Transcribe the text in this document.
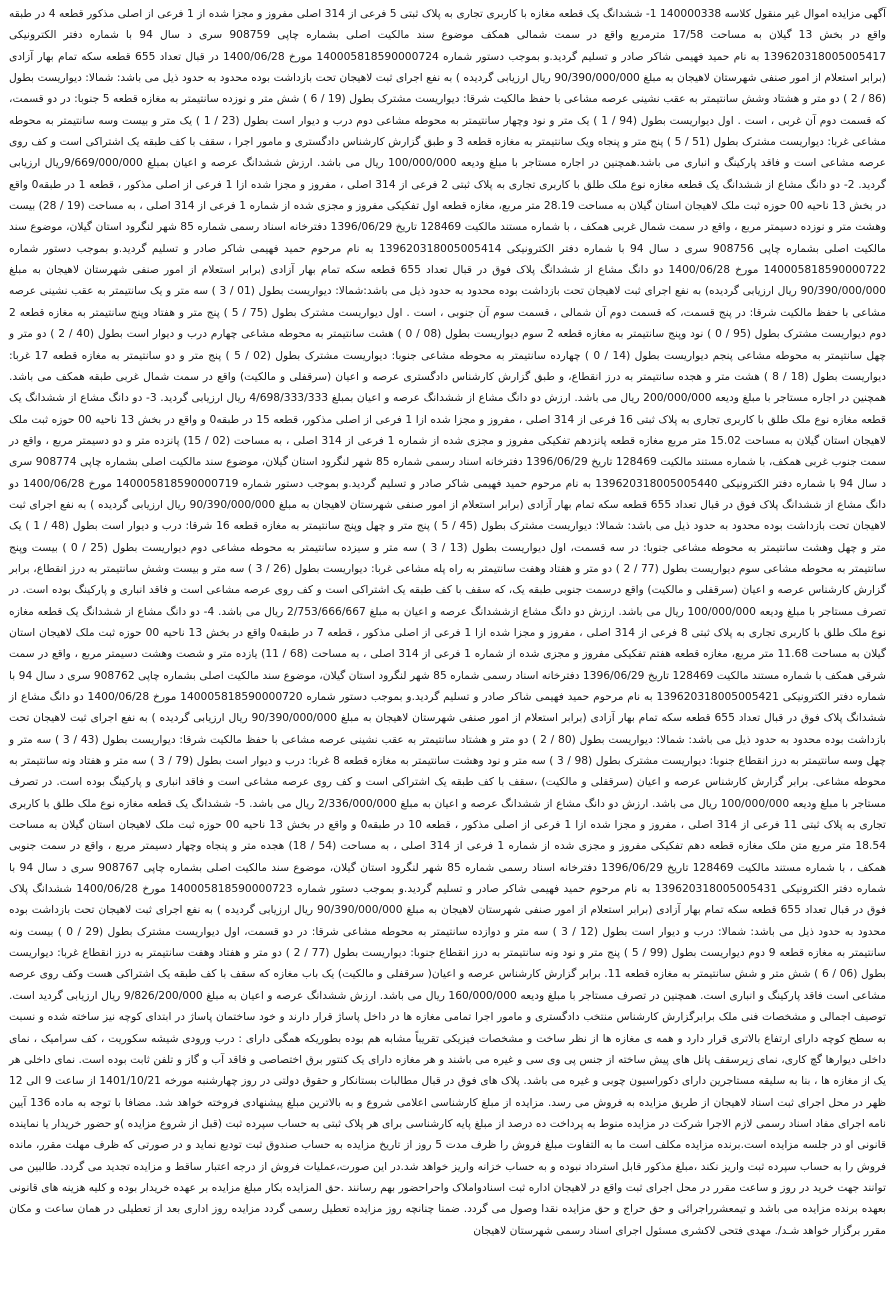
آگهی مزایده اموال غیر منقول کلاسه 140000338 1- ششدانگ یک قطعه مغازه با کاربری تجاری به پلاک ثبتی 5 فرعی از 314 اصلی مفروز و مجزا شده از 1 فرعی از اصلی مذکور قطعه 4 در طبقه واقع در بخش 13 گیلان به مساحت 17/58 مترمربع واقع در سمت شمالی همکف موضوع سند مالکیت اصلی بشماره چاپی 908759 سری د سال 94 با شماره دفتر الکترونیکی 139620318005005417 به نام حمید فهیمی شاکر صادر و تسلیم گردید.و بموجب دستور شماره 140005818590000724 مورخ 1400/06/28 در قبال تعداد 655 قطعه سکه تمام بهار آزادی (برابر استعلام از امور صنفی شهرستان لاهیجان به مبلغ 90/390/000/000 ریال ارزیابی گردیده ) به نفع اجرای ثبت لاهیجان تحت بازداشت بوده محدود به حدود ذیل می باشد: شمالا: دیواریست بطول (86 / 2 ) دو متر و هشتاد وشش سانتیمتر به عقب نشینی عرصه مشاعی با حفظ مالکیت شرقا: دیواریست مشترک بطول (19 / 6 ) شش متر و نوزده سانتیمتر به مغازه قطعه 5 جنوبا: در دو قسمت، که قسمت دوم آن غربی ، است . اول دیواریست بطول (94 / 1 ) یک متر و نود وچهار سانتیمتر به محوطه مشاعی دوم درب و دیوار است بطول (23 / 1 ) یک متر و بیست وسه سانتیمتر به محوطه مشاعی غربا: دیواریست مشترک بطول (51 / 5 ) پنج متر و پنجاه ویک سانتیمتر به مغازه قطعه 3 و طبق گزارش کارشناس دادگستری و مامور اجرا ، سقف با کف طبقه یک اشتراکی است و کف روی عرصه مشاعی است و فاقد پارکینگ و انباری می باشد.همچنین در اجاره مستاجر با مبلغ ودیعه 100/000/000 ریال می باشد. ارزش ششدانگ عرصه و اعیان بمبلغ 9/669/000/000ریال ارزیابی گردید. 2- دو دانگ مشاع از ششدانگ یک قطعه مغازه نوع ملک طلق با کاربری تجاری به پلاک ثبتی 2 فرعی از 314 اصلی ، مفروز و مجزا شده ازا 1 فرعی از اصلی مذکور ، قطعه 1 در طبقه0 واقع در بخش 13 ناحیه 00 حوزه ثبت ملک لاهیجان استان گیلان به مساحت 28.19 متر مربع، مغازه قطعه اول تفکیکی مفروز و مجزی شده از شماره 1 فرعی از 314 اصلی ، به مساحت (19 / 28) بیست وهشت متر و نوزده دسیمتر مربع ، واقع در سمت شمال غربی همکف ، با شماره مستند مالکیت 128469 تاریخ 1396/06/29 دفترخانه اسناد رسمی شماره 85 شهر لنگرود استان گیلان، موضوع سند مالکیت اصلی بشماره چاپی 908756 سری د سال 94 با شماره دفتر الکترونیکی 139620318005005414 به نام مرحوم حمید فهیمی شاکر صادر و تسلیم گردید.و بموجب دستور شماره 140005818590000722 مورخ 1400/06/28 دو دانگ مشاع از ششدانگ پلاک فوق در قبال تعداد 655 قطعه سکه تمام بهار آزادی (برابر استعلام از امور صنفی شهرستان لاهیجان به مبلغ 90/390/000/000 ریال ارزیابی گردیده) به نفع اجرای ثبت لاهیجان تحت بازداشت بوده محدود به حدود ذیل می باشد:شمالا: دیواریست بطول (01 / 3 ) سه متر و یک سانتیمتر به عقب نشینی عرصه مشاعی با حفظ مالکیت شرقا: در پنج قسمت، که قسمت دوم آن شمالی ، قسمت سوم آن جنوبی ، است . اول دیواریست مشترک بطول (75 / 5 ) پنج متر و هفتاد وپنج سانتیمتر به مغازه قطعه 2 دوم دیواریست مشترک بطول (95 / 0 ) نود وپنج سانتیمتر به مغازه قطعه 2 سوم دیواریست بطول (08 / 0 ) هشت سانتیمتر به محوطه مشاعی چهارم درب و دیوار است بطول (40 / 2 ) دو متر و چهل سانتیمتر به محوطه مشاعی پنجم دیواریست بطول (14 / 0 ) چهارده سانتیمتر به محوطه مشاعی جنوبا: دیواریست مشترک بطول (02 / 5 ) پنج متر و دو سانتیمتر به مغازه قطعه 17 غربا: دیواریست بطول (18 / 8 ) هشت متر و هجده سانتیمتر به درز انقطاع، و طبق گزارش کارشناس دادگستری عرصه و اعیان (سرقفلی و مالکیت) واقع در سمت شمال غربی طبقه همکف می باشد. همچنین در اجاره مستاجر با مبلغ ودیعه 200/000/000 ریال می باشد. ارزش دو دانگ مشاع از ششدانگ عرصه و اعیان بمبلغ 4/698/333/333 ریال ارزیابی گردید. 3- دو دانگ مشاع از ششدانگ یک قطعه مغازه نوع ملک طلق با کاربری تجاری به پلاک ثبتی 16 فرعی از 314 اصلی ، مفروز و مجزا شده ازا 1 فرعی از اصلی مذکور، قطعه 15 در طبقه0 و واقع در بخش 13 ناحیه 00 حوزه ثبت ملک لاهیجان استان گیلان به مساحت 15.02 متر مربع مغازه قطعه پانزدهم تفکیکی مفروز و مجزی شده از شماره 1 فرعی از 314 اصلی ، به مساحت (02 / 15) پانزده متر و دو دسیمتر مربع ، واقع در سمت جنوب غربی همکف، با شماره مستند مالکیت 128469 تاریخ 1396/06/29 دفترخانه اسناد رسمی شماره 85 شهر لنگرود استان گیلان، موضوع سند مالکیت اصلی بشماره چاپی 908774 سری د سال 94 با شماره دفتر الکترونیکی 139620318005005440 به نام مرحوم حمید فهیمی شاکر صادر و تسلیم گردید.و بموجب دستور شماره 140005818590000719 مورخ 1400/06/28 دو دانگ مشاع از ششدانگ پلاک فوق در قبال تعداد 655 قطعه سکه تمام بهار آزادی (برابر استعلام از امور صنفی شهرستان لاهیجان به مبلغ 90/390/000/000 ریال ارزیابی گردیده ) به نفع اجرای ثبت لاهیجان تحت بازداشت بوده محدود به حدود ذیل می باشد: شمالا: دیواریست مشترک بطول (45 / 5 ) پنج متر و چهل وپنج سانتیمتر به مغازه قطعه 16 شرقا: درب و دیوار است بطول (48 / 1 ) یک متر و چهل وهشت سانتیمتر به محوطه مشاعی جنوبا: در سه قسمت، اول دیواریست بطول (13 / 3 ) سه متر و سیزده سانتیمتر به محوطه مشاعی دوم دیواریست بطول (25 / 0 ) بیست وپنج سانتیمتر به محوطه مشاعی سوم دیواریست بطول (77 / 2 ) دو متر و هفتاد وهفت سانتیمتر به راه پله مشاعی غربا: دیواریست بطول (26 / 3 ) سه متر و بیست وشش سانتیمتر به درز انقطاع، برابر گزارش کارشناس عرصه و اعیان (سرقفلی و مالکیت) واقع درسمت جنوبی طبقه یک، که سقف با کف طبقه یک اشتراکی است و کف روی عرصه مشاعی است و فاقد انباری و پارکینگ بوده است. در تصرف مستاجر با مبلغ ودیعه 100/000/000 ریال می باشد. ارزش دو دانگ مشاع ازششدانگ عرصه و اعیان به مبلغ 2/753/666/667 ریال می باشد. 4- دو دانگ مشاع از ششدانگ یک قطعه مغازه نوع ملک طلق با کاربری تجاری به پلاک ثبتی 8 فرعی از 314 اصلی ، مفروز و مجزا شده ازا 1 فرعی از اصلی مذکور ، قطعه 7 در طبقه0 واقع در بخش 13 ناحیه 00 حوزه ثبت ملک لاهیجان استان گیلان به مساحت 11.68 متر مربع، مغازه قطعه هفتم تفکیکی مفروز و مجزی شده از شماره 1 فرعی از 314 اصلی ، به مساحت (68 / 11) یازده متر و شصت وهشت دسیمتر مربع ، واقع در سمت شرقی همکف با شماره مستند مالکیت 128469 تاریخ 1396/06/29 دفترخانه اسناد رسمی شماره 85 شهر لنگرود استان گیلان، موضوع سند مالکیت اصلی بشماره چاپی 908762 سری د سال 94 با شماره دفتر الکترونیکی 139620318005005421 به نام مرحوم حمید فهیمی شاکر صادر و تسلیم گردید.و بموجب دستور شماره 140005818590000720 مورخ 1400/06/28 دو دانگ مشاع از ششدانگ پلاک فوق در قبال تعداد 655 قطعه سکه تمام بهار آزادی (برابر استعلام از امور صنفی شهرستان لاهیجان به مبلغ 90/390/000/000 ریال ارزیابی گردیده ) به نفع اجرای ثبت لاهیجان تحت بازداشت بوده محدود به حدود ذیل می باشد: شمالا: دیواریست بطول (80 / 2 ) دو متر و هشتاد سانتیمتر به عقب نشینی عرصه مشاعی با حفظ مالکیت شرقا: دیواریست بطول (43 / 3 ) سه متر و چهل وسه سانتیمتر به درز انقطاع جنوبا: دیواریست مشترک بطول (98 / 3 ) سه متر و نود وهشت سانتیمتر به مغازه قطعه 8 غربا: درب و دیوار است بطول (79 / 3 ) سه متر و هفتاد ونه سانتیمتر به محوطه مشاعی. برابر گزارش کارشناس عرصه و اعیان (سرقفلی و مالکیت) ،سقف با کف طبقه یک اشتراکی است و کف روی عرصه مشاعی است و فاقد انباری و پارکینگ بوده است. در تصرف مستاجر با مبلغ ودیعه 100/000/000 ریال می باشد. ارزش دو دانگ مشاع از ششدانگ عرصه و اعیان به مبلغ 2/336/000/000 ریال می باشد. 5- ششدانگ یک قطعه مغازه نوع ملک طلق با کاربری تجاری به پلاک ثبتی 11 فرعی از 314 اصلی ، مفروز و مجزا شده ازا 1 فرعی از اصلی مذکور ، قطعه 10 در طبقه0 و واقع در بخش 13 ناحیه 00 حوزه ثبت ملک لاهیجان استان گیلان به مساحت 18.54 متر مربع متن ملک مغازه قطعه دهم تفکیکی مفروز و مجزی شده از شماره 1 فرعی از 314 اصلی ، به مساحت (54 / 18) هجده متر و پنجاه وچهار دسیمتر مربع ، واقع در سمت جنوبی همکف ، با شماره مستند مالکیت 128469 تاریخ 1396/06/29 دفترخانه اسناد رسمی شماره 85 شهر لنگرود استان گیلان، موضوع سند مالکیت اصلی بشماره چاپی 908767 سری د سال 94 با شماره دفتر الکترونیکی 139620318005005431 به نام مرحوم حمید فهیمی شاکر صادر و تسلیم گردید.و بموجب دستور شماره 140005818590000723 مورخ 1400/06/28 ششدانگ پلاک فوق در قبال تعداد 655 قطعه سکه تمام بهار آزادی (برابر استعلام از امور صنفی شهرستان لاهیجان به مبلغ 90/390/000/000 ریال ارزیابی گردیده ) به نفع اجرای ثبت لاهیجان تحت بازداشت بوده محدود به حدود ذیل می باشد: شمالا: درب و دیوار است بطول (12 / 3 ) سه متر و دوازده سانتیمتر به محوطه مشاعی شرقا: در دو قسمت، اول دیواریست مشترک بطول (29 / 0 ) بیست ونه سانتیمتر به مغازه قطعه 9 دوم دیواریست بطول (99 / 5 ) پنج متر و نود ونه سانتیمتر به درز انقطاع جنوبا: دیواریست بطول (77 / 2 ) دو متر و هفتاد وهفت سانتیمتر به درز انقطاع غربا: دیواریست بطول (06 / 6 ) شش متر و شش سانتیمتر به مغازه قطعه 11. برابر گزارش کارشناس عرصه و اعیان( سرقفلی و مالکیت) یک باب مغازه که سقف با کف طبقه یک اشتراکی هست وکف روی عرصه مشاعی است فاقد پارکینگ و انباری است. همچنین در تصرف مستاجر با مبلغ ودیعه 160/000/000 ریال می باشد. ارزش ششدانگ عرصه و اعیان به مبلغ 9/826/200/000 ریال ارزیابی گردید است. توصیف اجمالی و مشخصات فنی ملک برابرگزارش کارشناس منتخب دادگستری و مامور اجرا تمامی مغازه ها در داخل پاساژ قرار دارند و خود ساختمان پاساژ در ابتدای کوچه نیز ساخته شده و نسبت به سطح کوچه دارای ارتفاع بالاتری قرار دارد و همه ی مغازه ها از نظر ساخت و مشخصات فیزیکی تقریباً مشابه هم بوده بطوریکه همگی دارای : درب ورودی شیشه سکوریت ، کف سرامیک ، نمای داخلی دیوارها گچ کاری، نمای زیرسقف پانل های پیش ساخته از جنس پی وی سی و غیره می باشند و هر مغازه دارای یک کنتور برق اختصاصی و فاقد آب و گاز و تلفن ثابت بوده است. نمای داخلی هر یک از مغازه ها ، بنا به سلیقه مستاجرین دارای دکوراسیون چوبی و غیره می باشد. پلاک های فوق در قبال مطالبات بستانکار و حقوق دولتی در روز چهارشنبه مورخه 1401/10/21 از ساعت 9 الی 12 ظهر در محل اجرای ثبت اسناد لاهیجان از طریق مزایده به فروش می رسد. مزایده از مبلغ کارشناسی اعلامی شروع و به بالاترین مبلغ پیشنهادی فروخته خواهد شد. مضافا با توجه به ماده 136 آیین نامه اجرای مفاد اسناد رسمی لازم الاجرا شرکت در مزایده منوط به پرداخت ده درصد از مبلغ پایه کارشناسی برای هر پلاک ثبتی به حساب سپرده ثبت (قبل از شروع مزایده )و حضور خریدار یا نماینده قانونی او در جلسه مزایده است.برنده مزایده مکلف است ما به التفاوت مبلغ فروش را ظرف مدت 5 روز از تاریخ مزایده به حساب صندوق ثبت تودیع نماید و در صورتی که ظرف مهلت مقرر، مانده فروش را به حساب سپرده ثبت واریز نکند ،مبلغ مذکور قابل استرداد نبوده و به حساب خزانه واریز خواهد شد.در این صورت،عملیات فروش از درجه اعتبار ساقط و مزایده تجدید می گردد. طالبین می توانند جهت خرید در روز و ساعت مقرر در محل اجرای ثبت واقع در لاهیجان اداره ثبت اسنادواملاک واحراحضور بهم رسانند .حق المزایده بکار مبلغ مزایده بر عهده خریدار بوده و کلیه هزینه های قانونی بعهده برنده مزایده می باشد و تیمعشرراجرائی و حق حراج و حق مزایده نقدا وصول می گردد. ضمنا چنانچه روز مزایده تعطیل رسمی گردد مزایده روز اداری بعد از تعطیلی در همان ساعت و مکان مقرر برگزار خواهد شـد/. مهدی فتحی لاکشری مسئول اجرای اسناد رسمی شهرستان لاهیجان
